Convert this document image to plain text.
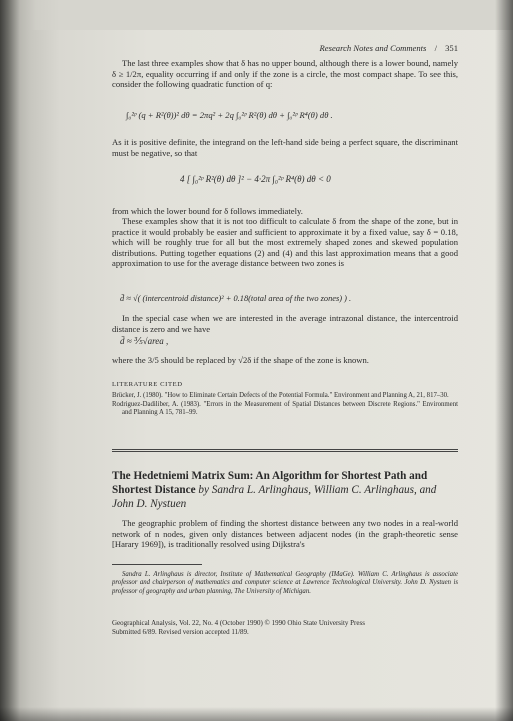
Research Notes and Comments / 351

The last three examples show that δ has no upper bound, although there is a lower bound, namely δ ≥ 1/2π, equality occurring if and only if the zone is a circle, the most compact shape. To see this, consider the following quadratic function of q:

∫₀²ᵖ (q + R²(θ))² dθ = 2πq² + 2q ∫₀²ᵖ R²(θ) dθ + ∫₀²ᵖ R⁴(θ) dθ .

As it is positive definite, the integrand on the left-hand side being a perfect square, the discriminant must be negative, so that

4 [ ∫₀²ᵖ R²(θ) dθ ]² − 4·2π ∫₀²ᵖ R⁴(θ) dθ < 0

from which the lower bound for δ follows immediately.

These examples show that it is not too difficult to calculate δ from the shape of the zone, but in practice it would probably be easier and sufficient to approximate it by a fixed value, say δ = 0.18, which will be roughly true for all but the most extremely shaped zones and skewed population distributions. Putting together equations (2) and (4) and this last approximation means that a good approximation to use for the average distance between two zones is

d̄ ≈ √( (intercentroid distance)² + 0.18(total area of the two zones) ) .

In the special case when we are interested in the average intrazonal distance, the intercentroid distance is zero and we have

d̄ ≈ ⅗√area ,

where the 3/5 should be replaced by √2δ if the shape of the zone is known.

LITERATURE CITED

Brücker, J. (1980). "How to Eliminate Certain Defects of the Potential Formula." Environment and Planning A, 21, 817–30.

Rodriguez-Dadiliber, A. (1983). "Errors in the Measurement of Spatial Distances between Discrete Regions." Environment and Planning A 15, 781–99.

The Hedetniemi Matrix Sum: An Algorithm for Shortest Path and Shortest Distance by Sandra L. Arlinghaus, William C. Arlinghaus, and John D. Nystuen

The geographic problem of finding the shortest distance between any two nodes in a real-world network of n nodes, given only distances between adjacent nodes (in the graph-theoretic sense [Harary 1969]), is traditionally resolved using Dijkstra's

Sandra L. Arlinghaus is director, Institute of Mathematical Geography (IMaGe). William C. Arlinghaus is associate professor and chairperson of mathematics and computer science at Lawrence Technological University. John D. Nystuen is professor of geography and urban planning, The University of Michigan.

Geographical Analysis, Vol. 22, No. 4 (October 1990) © 1990 Ohio State University Press

Submitted 6/89. Revised version accepted 11/89.
